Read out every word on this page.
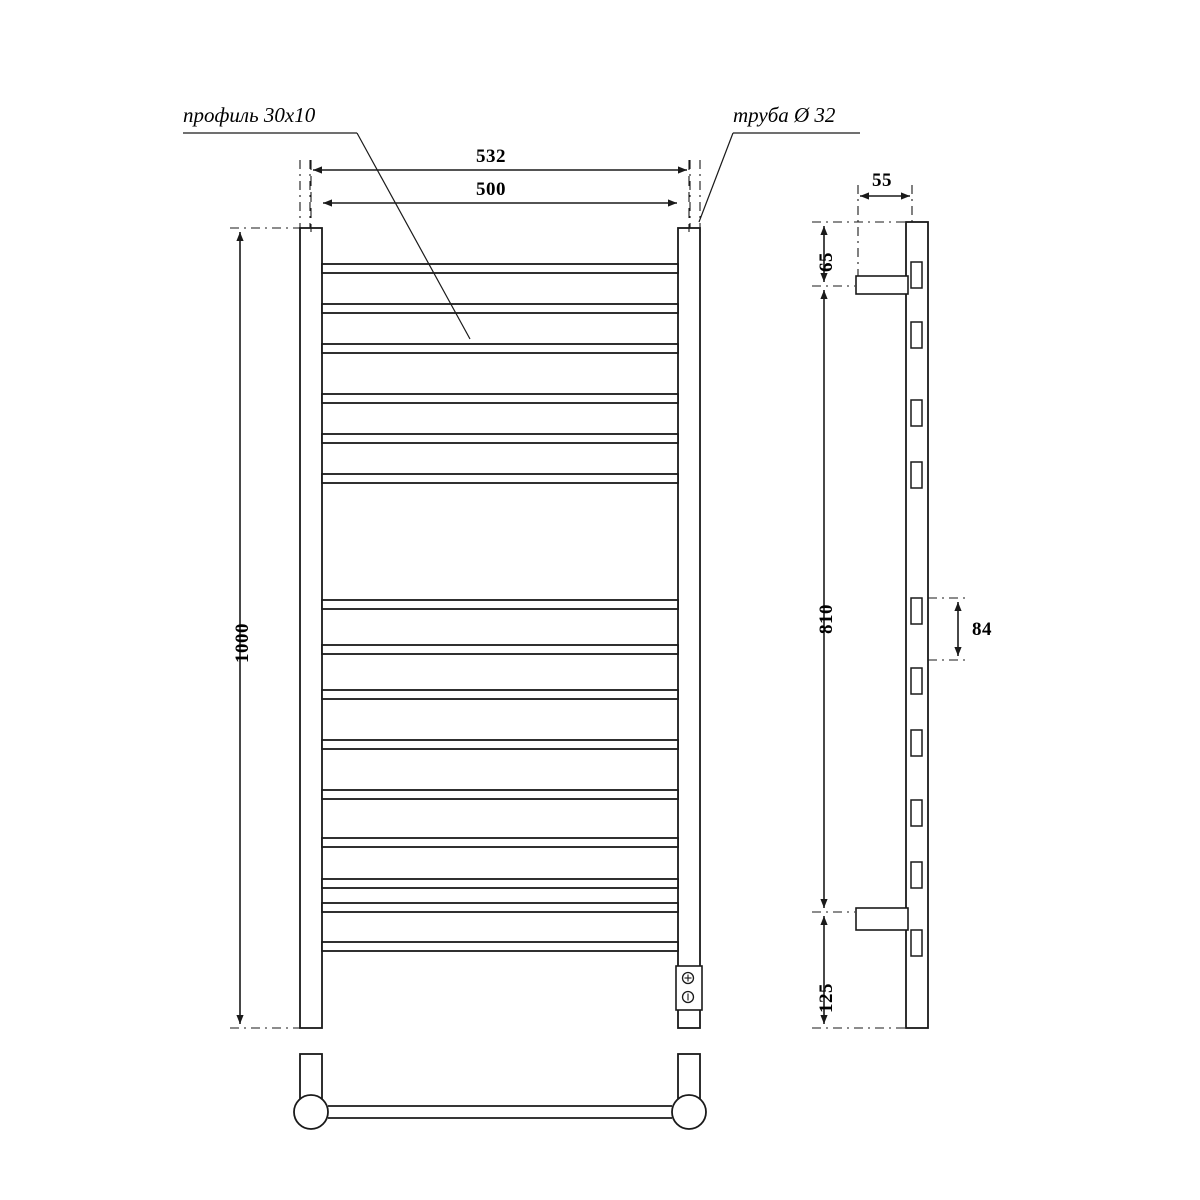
профиль 30x10	труба Ø 32
532
500
1000
55
65
810
125
84
